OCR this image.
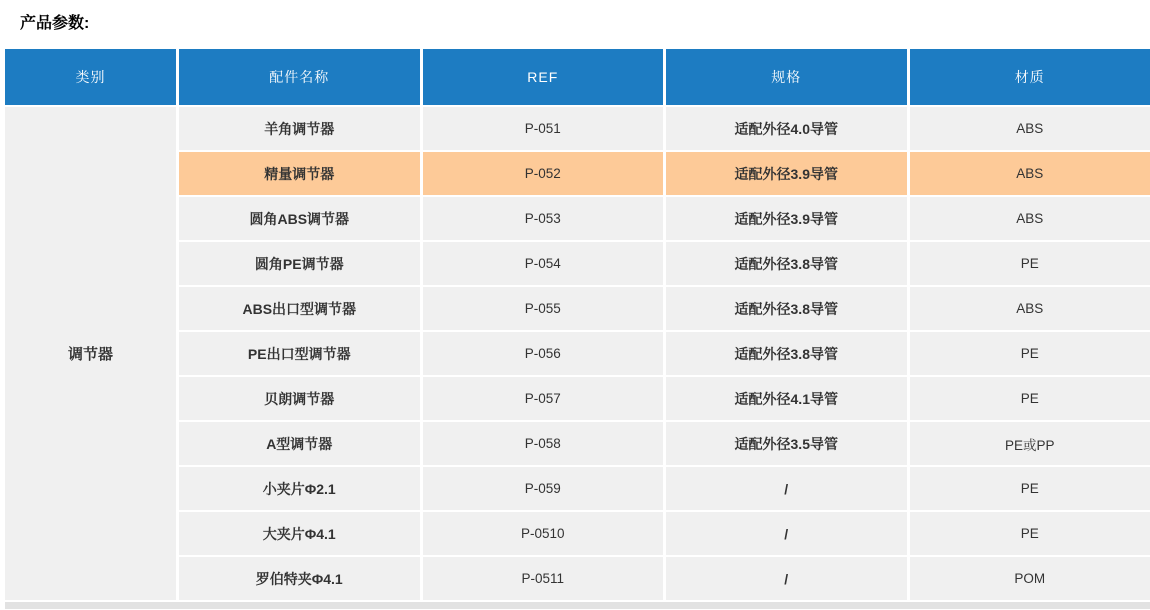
产品参数:
类别	配件名称	REF	规格	材质
调节器
羊角调节器	P-051	适配外径4.0导管	ABS
精量调节器	P-052	适配外径3.9导管	ABS
圆角ABS调节器	P-053	适配外径3.9导管	ABS
圆角PE调节器	P-054	适配外径3.8导管	PE
ABS出口型调节器	P-055	适配外径3.8导管	ABS
PE出口型调节器	P-056	适配外径3.8导管	PE
贝朗调节器	P-057	适配外径4.1导管	PE
A型调节器	P-058	适配外径3.5导管	PE或PP
小夹片Φ2.1	P-059	/	PE
大夹片Φ4.1	P-0510	/	PE
罗伯特夹Φ4.1	P-0511	/	POM
